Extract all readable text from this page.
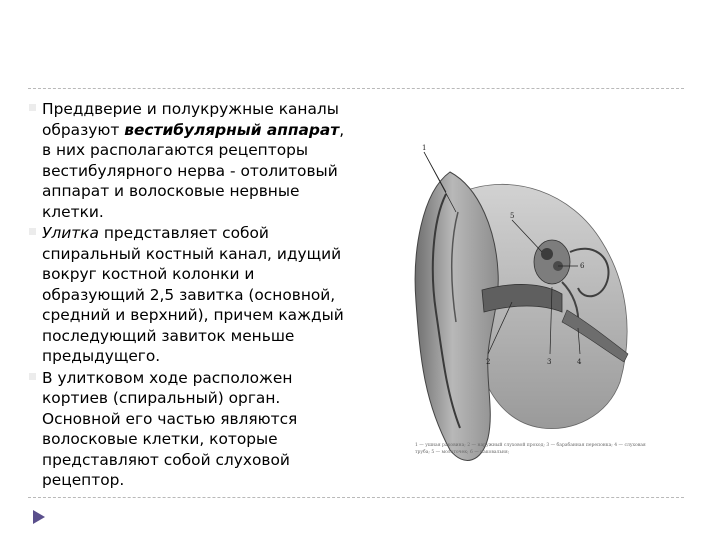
Преддверие и полукружные каналы образуют вестибулярный аппарат, в них располагаются рецепторы вестибулярного нерва - отолитовый аппарат и волосковые нервные клетки.

Улитка представляет собой спиральный костный канал, идущий вокруг костной колонки и образующий 2,5 завитка (основной, средний и верхний), причем каждый последующий завиток меньше предыдущего.

В улитковом ходе расположен кортиев (спиральный) орган. Основной его частью являются волосковые клетки, которые представляют собой слуховой рецептор.

1
5
6
2	3	4
1 — ушная раковина; 2 — наружный слуховой проход; 3 — барабанная перепонка; 4 — слуховая труба; 5 — молоточек; 6 — наковальня;
